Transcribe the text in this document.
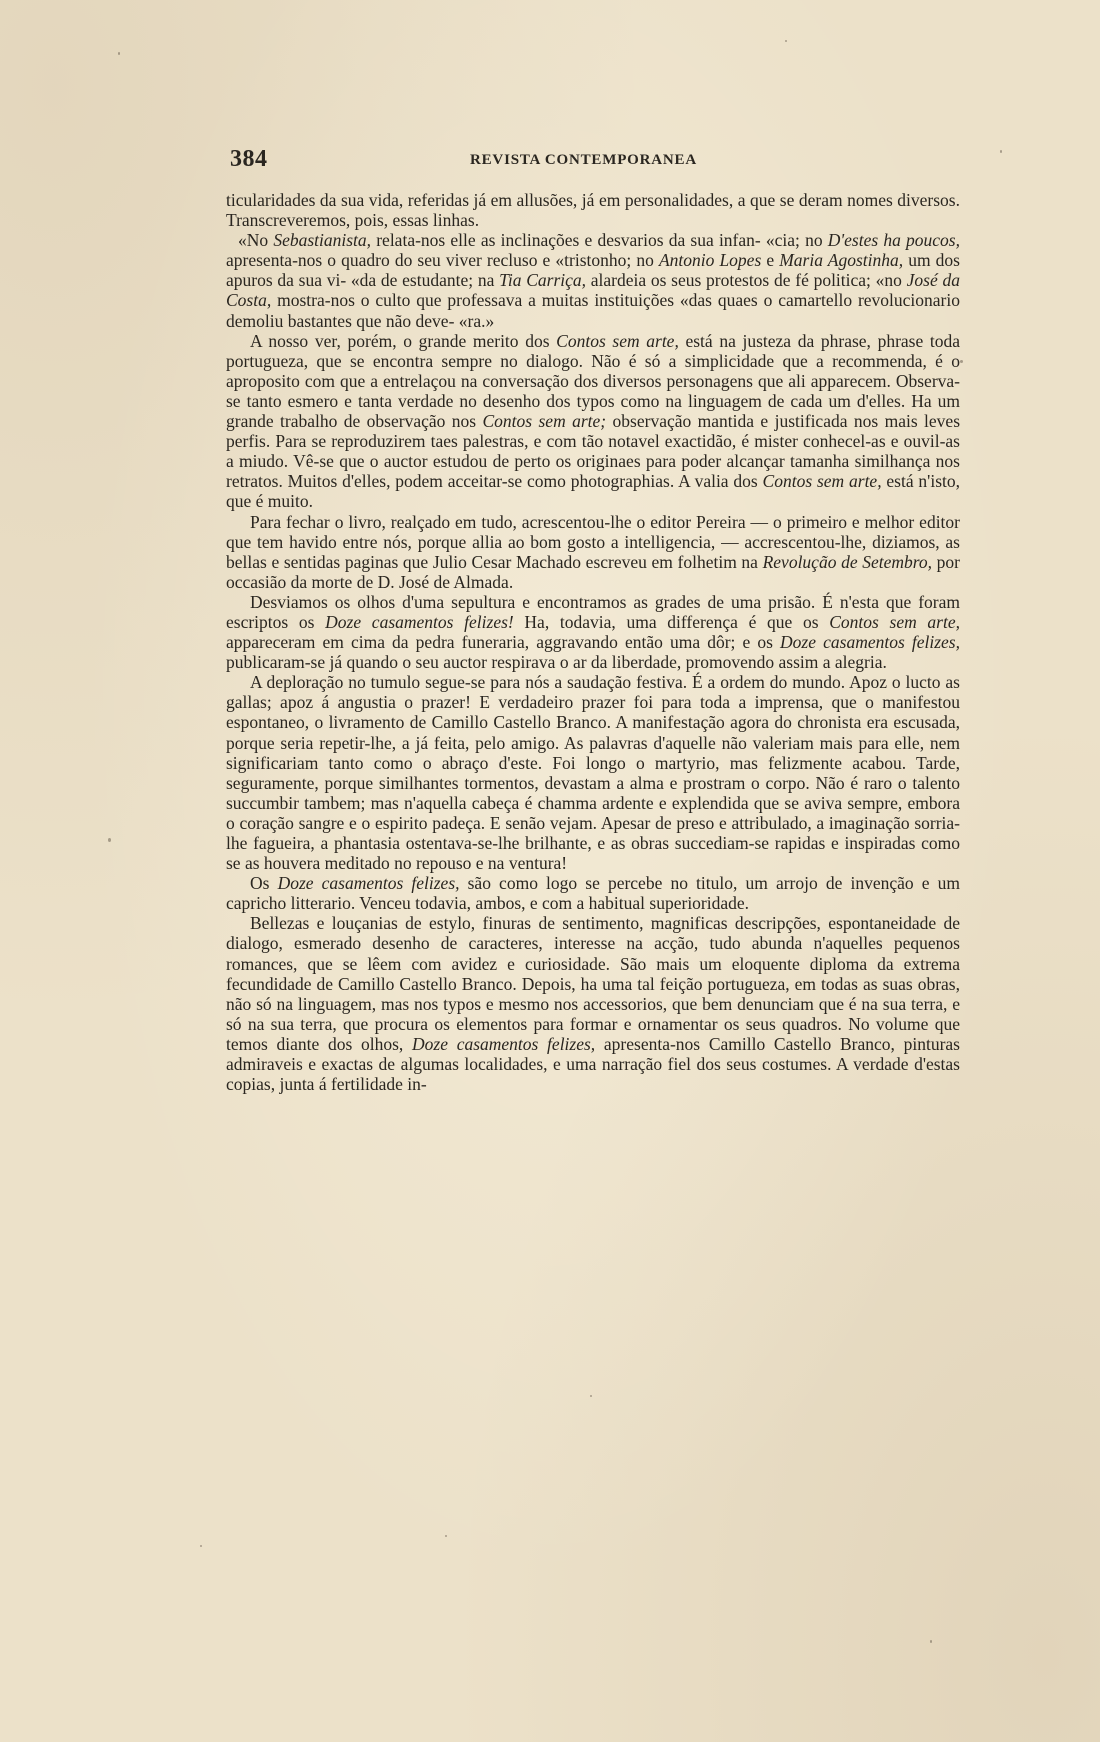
384	REVISTA CONTEMPORANEA

ticularidades da sua vida, referidas já em allusões, já em personalidades, a que se deram nomes diversos. Transcreveremos, pois, essas linhas.

«No Sebastianista, relata-nos elle as inclinações e desvarios da sua infan- «cia; no D'estes ha poucos, apresenta-nos o quadro do seu viver recluso e «tristonho; no Antonio Lopes e Maria Agostinha, um dos apuros da sua vi- «da de estudante; na Tia Carriça, alardeia os seus protestos de fé politica; «no José da Costa, mostra-nos o culto que professava a muitas instituições «das quaes o camartello revolucionario demoliu bastantes que não deve- «ra.»

A nosso ver, porém, o grande merito dos Contos sem arte, está na justeza da phrase, phrase toda portugueza, que se encontra sempre no dialogo. Não é só a simplicidade que a recommenda, é o aproposito com que a entrelaçou na conversação dos diversos personagens que ali apparecem. Observa-se tanto esmero e tanta verdade no desenho dos typos como na linguagem de cada um d'elles. Ha um grande trabalho de observação nos Contos sem arte; observação mantida e justificada nos mais leves perfis. Para se reproduzirem taes palestras, e com tão notavel exactidão, é mister conhecel-as e ouvil-as a miudo. Vê-se que o auctor estudou de perto os originaes para poder alcançar tamanha similhança nos retratos. Muitos d'elles, podem acceitar-se como photographias. A valia dos Contos sem arte, está n'isto, que é muito.

Para fechar o livro, realçado em tudo, acrescentou-lhe o editor Pereira — o primeiro e melhor editor que tem havido entre nós, porque allia ao bom gosto a intelligencia, — accrescentou-lhe, diziamos, as bellas e sentidas paginas que Julio Cesar Machado escreveu em folhetim na Revolução de Setembro, por occasião da morte de D. José de Almada.

Desviamos os olhos d'uma sepultura e encontramos as grades de uma prisão. É n'esta que foram escriptos os Doze casamentos felizes! Ha, todavia, uma differença é que os Contos sem arte, appareceram em cima da pedra funeraria, aggravando então uma dôr; e os Doze casamentos felizes, publicaram-se já quando o seu auctor respirava o ar da liberdade, promovendo assim a alegria.

A deploração no tumulo segue-se para nós a saudação festiva. É a ordem do mundo. Apoz o lucto as gallas; apoz á angustia o prazer! E verdadeiro prazer foi para toda a imprensa, que o manifestou espontaneo, o livramento de Camillo Castello Branco. A manifestação agora do chronista era escusada, porque seria repetir-lhe, a já feita, pelo amigo. As palavras d'aquelle não valeriam mais para elle, nem significariam tanto como o abraço d'este. Foi longo o martyrio, mas felizmente acabou. Tarde, seguramente, porque similhantes tormentos, devastam a alma e prostram o corpo. Não é raro o talento succumbir tambem; mas n'aquella cabeça é chamma ardente e explendida que se aviva sempre, embora o coração sangre e o espirito padeça. E senão vejam. Apesar de preso e attribulado, a imaginação sorria-lhe fagueira, a phantasia ostentava-se-lhe brilhante, e as obras succediam-se rapidas e inspiradas como se as houvera meditado no repouso e na ventura!

Os Doze casamentos felizes, são como logo se percebe no titulo, um arrojo de invenção e um capricho litterario. Venceu todavia, ambos, e com a habitual superioridade.

Bellezas e louçanias de estylo, finuras de sentimento, magnificas descripções, espontaneidade de dialogo, esmerado desenho de caracteres, interesse na acção, tudo abunda n'aquelles pequenos romances, que se lêem com avidez e curiosidade. São mais um eloquente diploma da extrema fecundidade de Camillo Castello Branco. Depois, ha uma tal feição portugueza, em todas as suas obras, não só na linguagem, mas nos typos e mesmo nos accessorios, que bem denunciam que é na sua terra, e só na sua terra, que procura os elementos para formar e ornamentar os seus quadros. No volume que temos diante dos olhos, Doze casamentos felizes, apresenta-nos Camillo Castello Branco, pinturas admiraveis e exactas de algumas localidades, e uma narração fiel dos seus costumes. A verdade d'estas copias, junta á fertilidade in-
